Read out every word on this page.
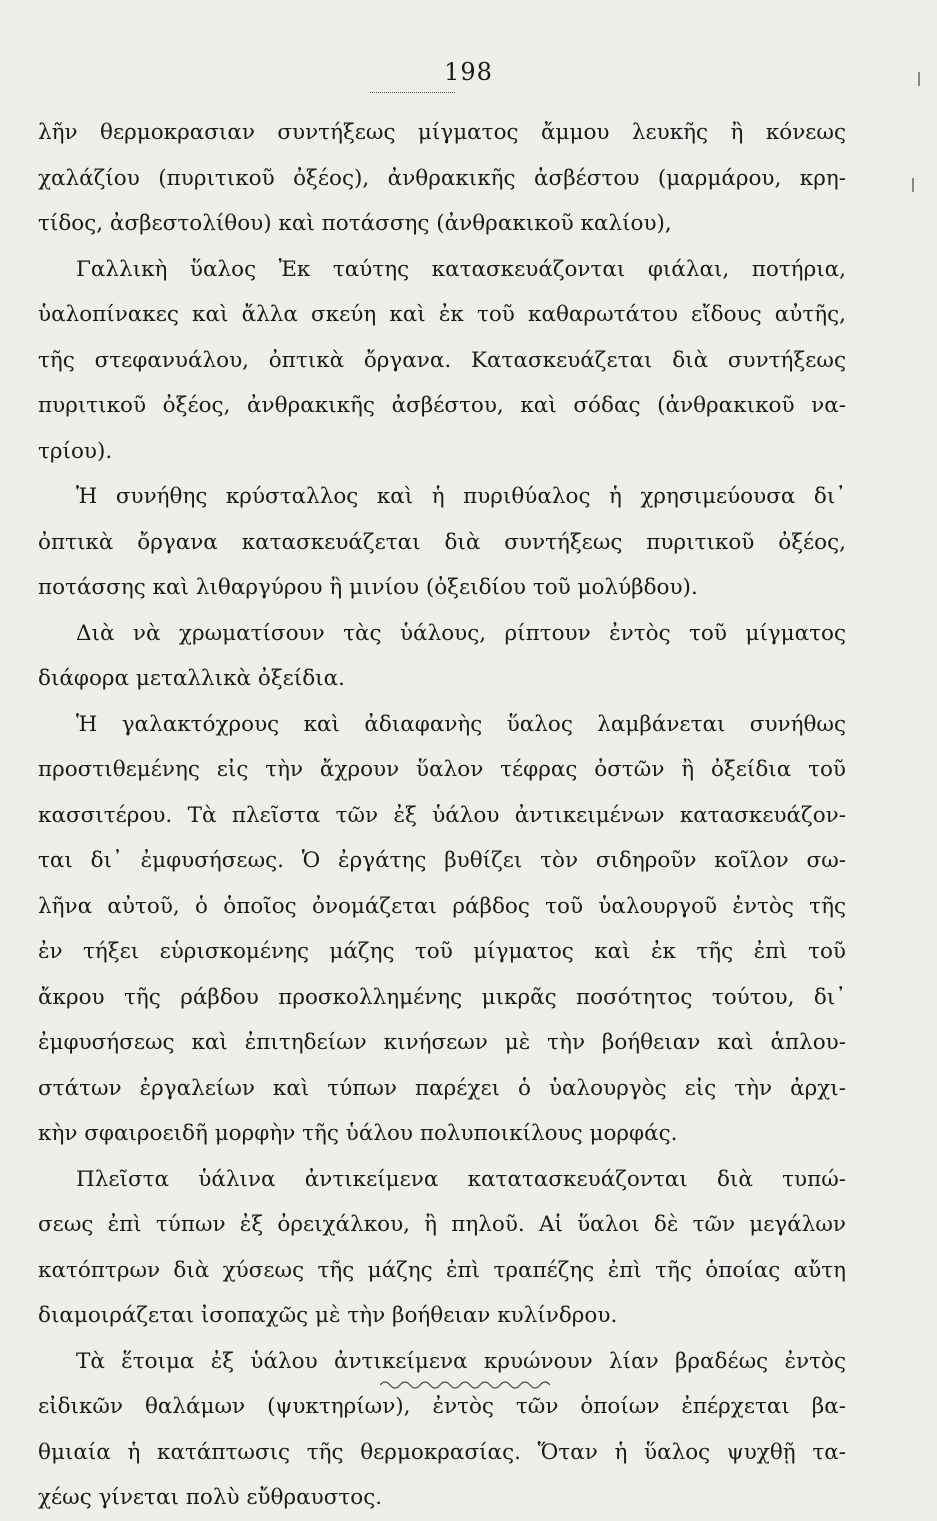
198
λῆν θερμοκρασιαν συντήξεως μίγματος ἄμμου λευκῆς ἢ κόνεως
χαλάζίου (πυριτικοῦ ὀξέος), ἀνθρακικῆς ἀσβέστου (μαρμάρου, κρη-
τίδος, ἀσβεστολίθου) καὶ ποτάσσης (ἀνθρακικοῦ καλίου),
Γαλλικὴ ὕαλος Ἐκ ταύτης κατασκευάζονται φιάλαι, ποτήρια,
ὑαλοπίνακες καὶ ἄλλα σκεύη καὶ ἐκ τοῦ καθαρωτάτου εἴδους αὐτῆς,
τῆς στεφανυάλου, ὀπτικὰ ὄργανα. Κατασκευάζεται διὰ συντήξεως
πυριτικοῦ ὀξέος, ἀνθρακικῆς ἀσβέστου, καὶ σόδας (ἀνθρακικοῦ να-
τρίου).
Ἡ συνήθης κρύσταλλος καὶ ἡ πυριθύαλος ἡ χρησιμεύουσα δι᾽
ὀπτικὰ ὄργανα κατασκευάζεται διὰ συντήξεως πυριτικοῦ ὀξέος,
ποτάσσης καὶ λιθαργύρου ἢ μινίου (ὀξειδίου τοῦ μολύβδου).
Διὰ νὰ χρωματίσουν τὰς ὑάλους, ρίπτουν ἐντὸς τοῦ μίγματος
διάφορα μεταλλικὰ ὀξείδια.
Ἡ γαλακτόχρους καὶ ἀδιαφανὴς ὕαλος λαμβάνεται συνήθως
προστιθεμένης εἰς τὴν ἄχρουν ὕαλον τέφρας ὀστῶν ἢ ὀξείδια τοῦ
κασσιτέρου. Τὰ πλεῖστα τῶν ἐξ ὑάλου ἀντικειμένων κατασκευάζον-
ται δι᾽ ἐμφυσήσεως. Ὁ ἐργάτης βυθίζει τὸν σιδηροῦν κοῖλον σω-
λῆνα αὐτοῦ, ὁ ὁποῖος ὀνομάζεται ράβδος τοῦ ὑαλουργοῦ ἐντὸς τῆς
ἐν τήξει εὑρισκομένης μάζης τοῦ μίγματος καὶ ἐκ τῆς ἐπὶ τοῦ
ἄκρου τῆς ράβδου προσκολλημένης μικρᾶς ποσότητος τούτου, δι᾽
ἐμφυσήσεως καὶ ἐπιτηδείων κινήσεων μὲ τὴν βοήθειαν καὶ ἁπλου-
στάτων ἐργαλείων καὶ τύπων παρέχει ὁ ὑαλουργὸς εἰς τὴν ἀρχι-
κὴν σφαιροειδῆ μορφὴν τῆς ὑάλου πολυποικίλους μορφάς.
Πλεῖστα ὑάλινα ἀντικείμενα κατατασκευάζονται διὰ τυπώ-
σεως ἐπὶ τύπων ἐξ ὀρειχάλκου, ἢ πηλοῦ. Αἱ ὕαλοι δὲ τῶν μεγάλων
κατόπτρων διὰ χύσεως τῆς μάζης ἐπὶ τραπέζης ἐπὶ τῆς ὁποίας αὔτη
διαμοιράζεται ἰσοπαχῶς μὲ τὴν βοήθειαν κυλίνδρου.
Τὰ ἕτοιμα ἐξ ὑάλου ἀντικείμενα κρυώνουν λίαν βραδέως ἐντὸς
εἰδικῶν θαλάμων (ψυκτηρίων), ἐντὸς τῶν ὁποίων ἐπέρχεται βα-
θμιαία ἡ κατάπτωσις τῆς θερμοκρασίας. Ὅταν ἡ ὕαλος ψυχθῇ τα-
χέως γίνεται πολὺ εὔθραυστος.
